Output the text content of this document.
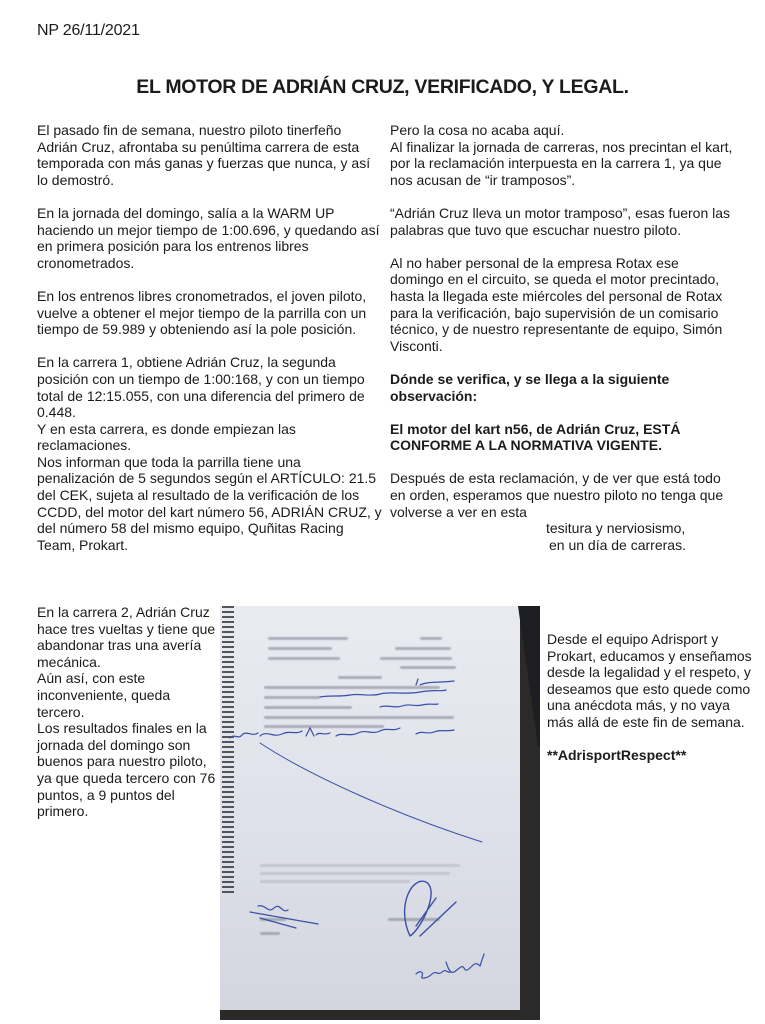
NP 26/11/2021
EL MOTOR DE ADRIÁN CRUZ, VERIFICADO, Y LEGAL.

El pasado fin de semana, nuestro piloto tinerfeño Adrián Cruz, afrontaba su penúltima carrera de esta temporada con más ganas y fuerzas que nunca, y así lo demostró.

En la jornada del domingo, salía a la WARM UP haciendo un mejor tiempo de 1:00.696, y quedando así en primera posición para los entrenos libres cronometrados.

En los entrenos libres cronometrados, el joven piloto, vuelve a obtener el mejor tiempo de la parrilla con un tiempo de 59.989 y obteniendo así la pole posición.

En la carrera 1, obtiene Adrián Cruz, la segunda posición con un tiempo de 1:00:168, y con un tiempo total de 12:15.055, con una diferencia del primero de 0.448.

Y en esta carrera, es donde empiezan las reclamaciones.

Nos informan que toda la parrilla tiene una penalización de 5 segundos según el ARTÍCULO: 21.5 del CEK, sujeta al resultado de la verificación de los CCDD, del motor del kart número 56, ADRIÁN CRUZ, y del número 58 del mismo equipo, Quñitas Racing Team, Prokart.

En la carrera 2, Adrián Cruz hace tres vueltas y tiene que abandonar tras una avería mecánica.

Aún así, con este inconveniente, queda tercero.

Los resultados finales en la jornada del domingo son buenos para nuestro piloto, ya que queda tercero con 76 puntos, a 9 puntos del primero.

Pero la cosa no acaba aquí.

Al finalizar la jornada de carreras, nos precintan el kart, por la reclamación interpuesta en la carrera 1, ya que nos acusan de “ir tramposos”.

“Adrián Cruz lleva un motor tramposo”, esas fueron las palabras que tuvo que escuchar nuestro piloto.

Al no haber personal de la empresa Rotax ese domingo en el circuito, se queda el motor precintado, hasta la llegada este miércoles del personal de Rotax para la verificación, bajo supervisión de un comisario técnico, y de nuestro representante de equipo, Simón Visconti.

Dónde se verifica, y se llega a la siguiente observación:

El motor del kart n56, de Adrián Cruz, ESTÁ CONFORME A LA NORMATIVA VIGENTE.

Después de esta reclamación, y de ver que está todo en orden, esperamos que nuestro piloto no tenga que volverse a ver en esta
tesitura y nerviosismo,
en un día de carreras.

Desde el equipo Adrisport y Prokart, educamos y enseñamos desde la legalidad y el respeto, y deseamos que esto quede como una anécdota más, y no vaya más allá de este fin de semana.

**AdrisportRespect**
